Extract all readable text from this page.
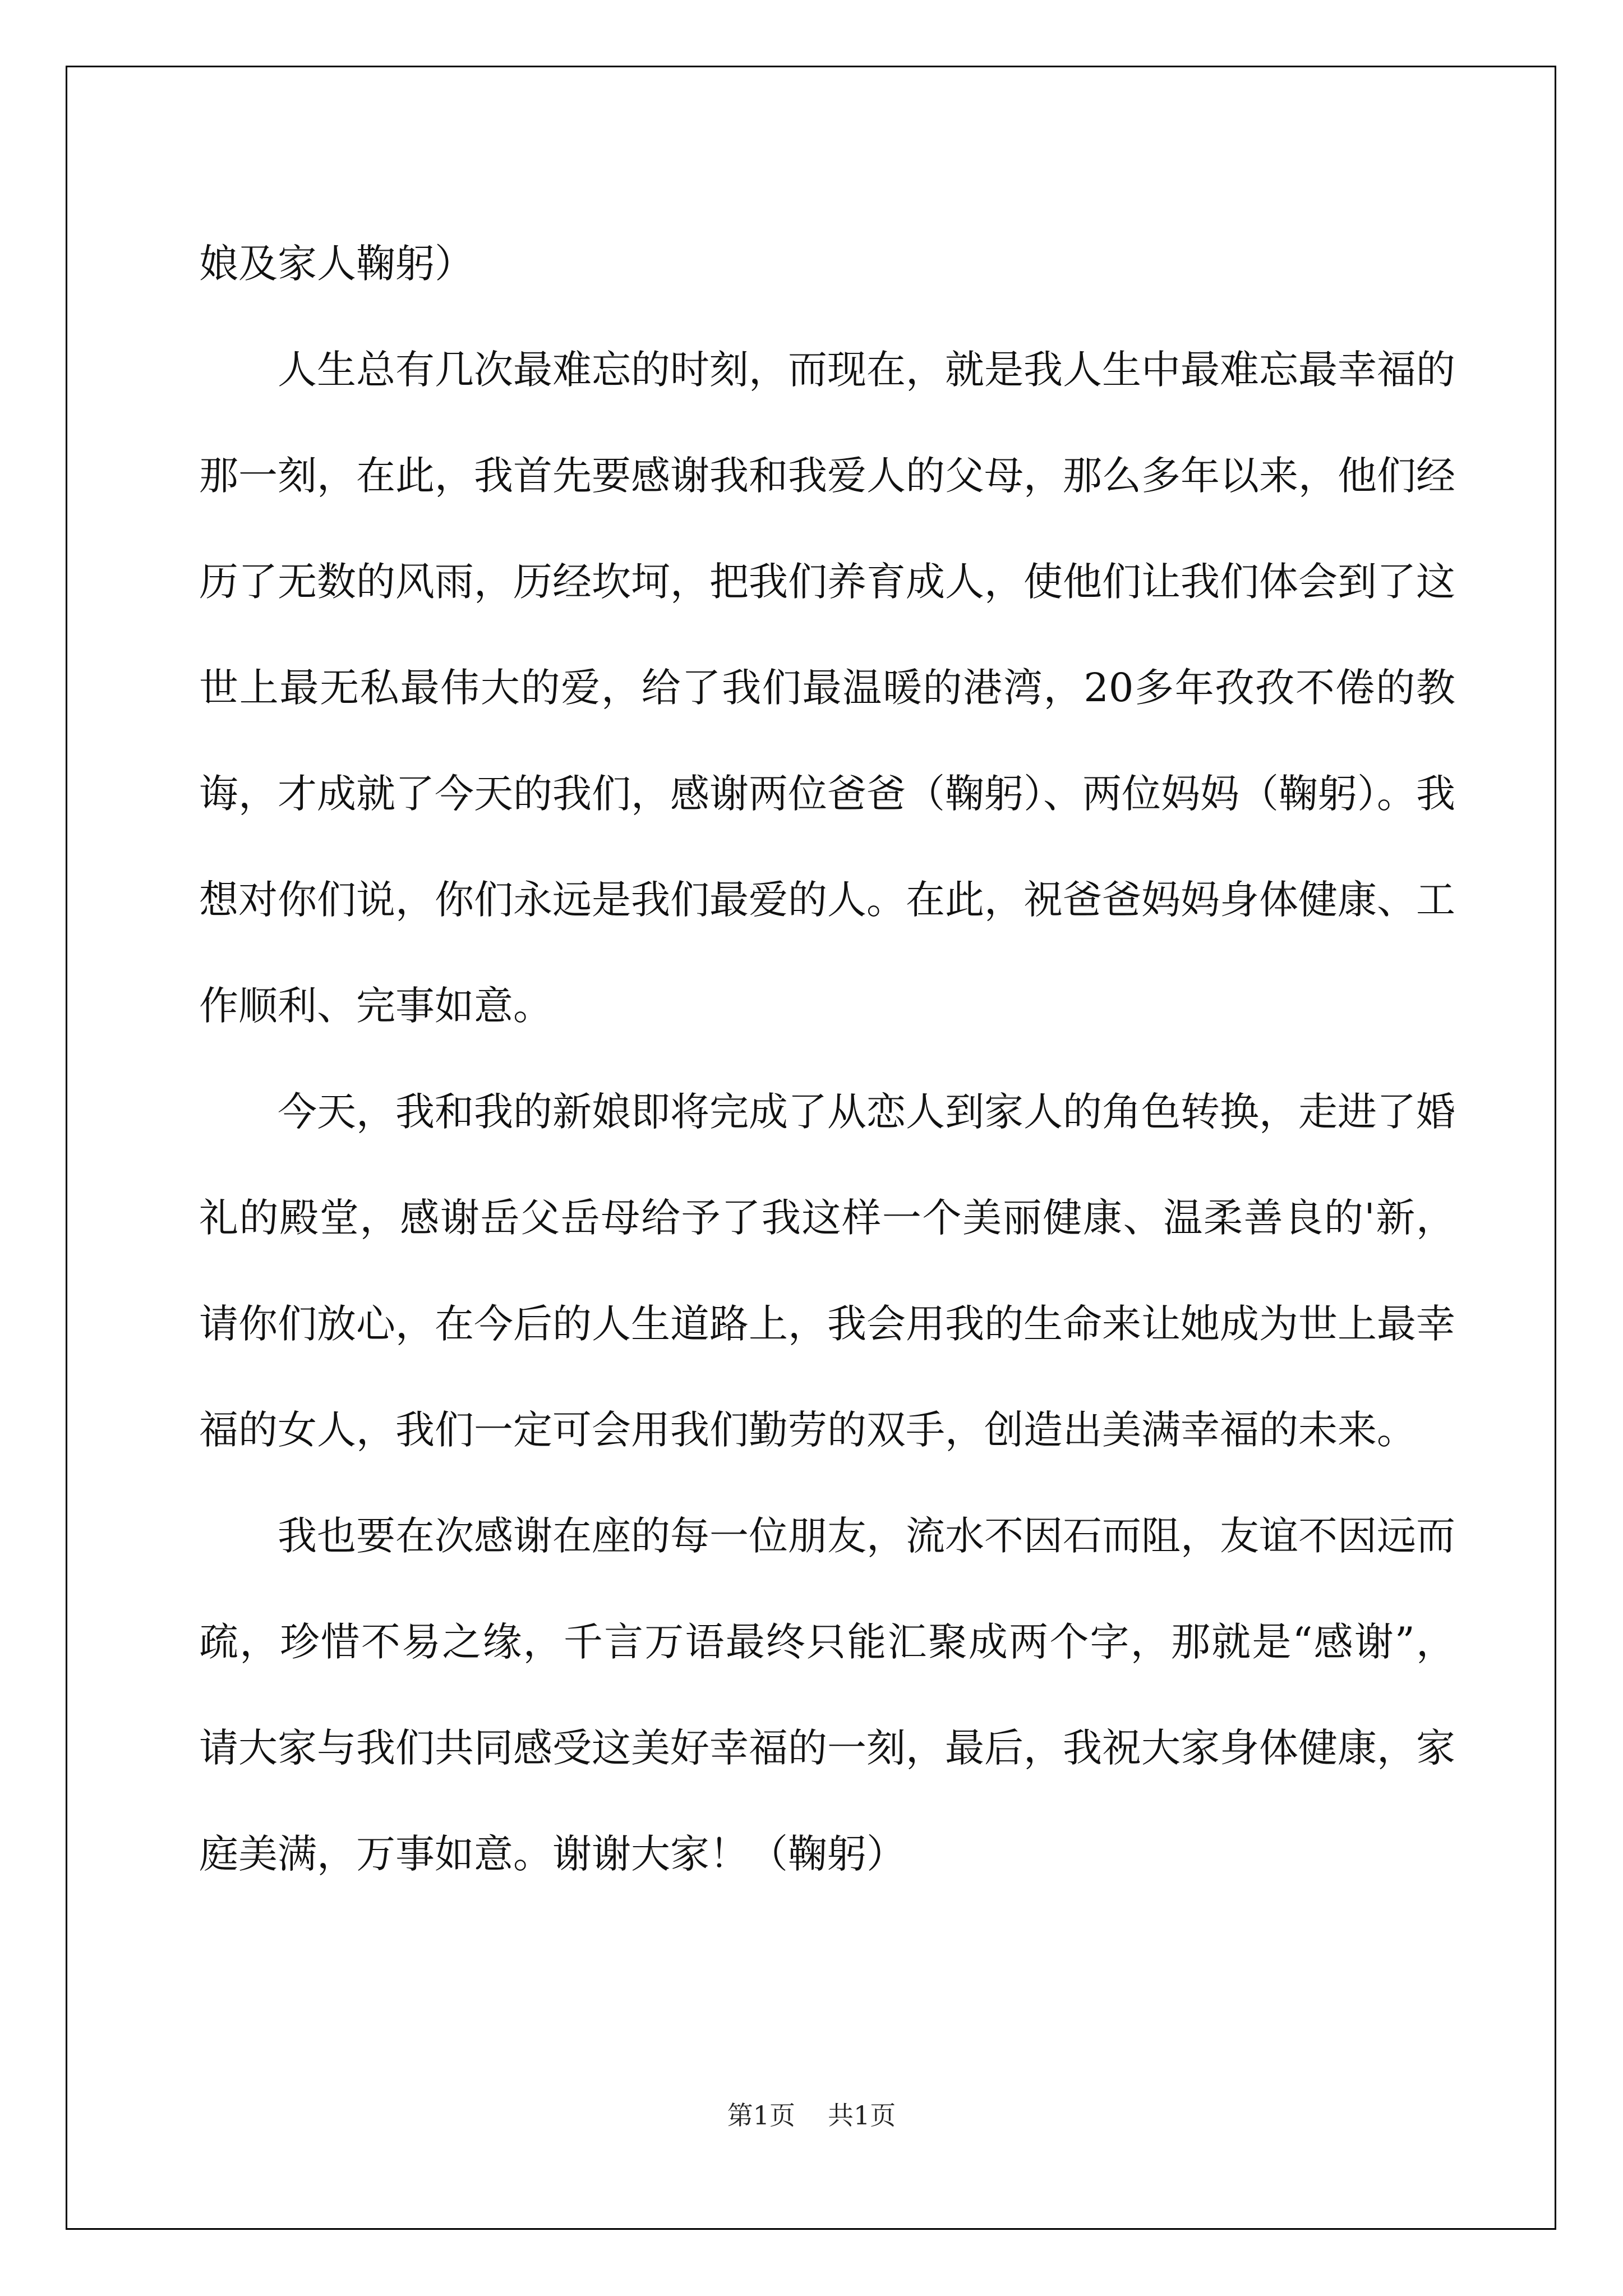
娘及家人鞠躬）

人生总有几次最难忘的时刻，而现在，就是我人生中最难忘最幸福的那一刻，在此，我首先要感谢我和我爱人的父母，那么多年以来，他们经历了无数的风雨，历经坎坷，把我们养育成人，使他们让我们体会到了这世上最无私最伟大的爱，给了我们最温暖的港湾，20多年孜孜不倦的教诲，才成就了今天的我们，感谢两位爸爸（鞠躬）、两位妈妈（鞠躬）。我想对你们说，你们永远是我们最爱的人。在此，祝爸爸妈妈身体健康、工作顺利、完事如意。

今天，我和我的新娘即将完成了从恋人到家人的角色转换，走进了婚礼的殿堂，感谢岳父岳母给予了我这样一个美丽健康、温柔善良的'新，请你们放心，在今后的人生道路上，我会用我的生命来让她成为世上最幸福的女人，我们一定可会用我们勤劳的双手，创造出美满幸福的未来。

我也要在次感谢在座的每一位朋友，流水不因石而阻，友谊不因远而疏，珍惜不易之缘，千言万语最终只能汇聚成两个字，那就是“感谢”，请大家与我们共同感受这美好幸福的一刻，最后，我祝大家身体健康，家庭美满，万事如意。谢谢大家！（鞠躬）

第1页 共1页
